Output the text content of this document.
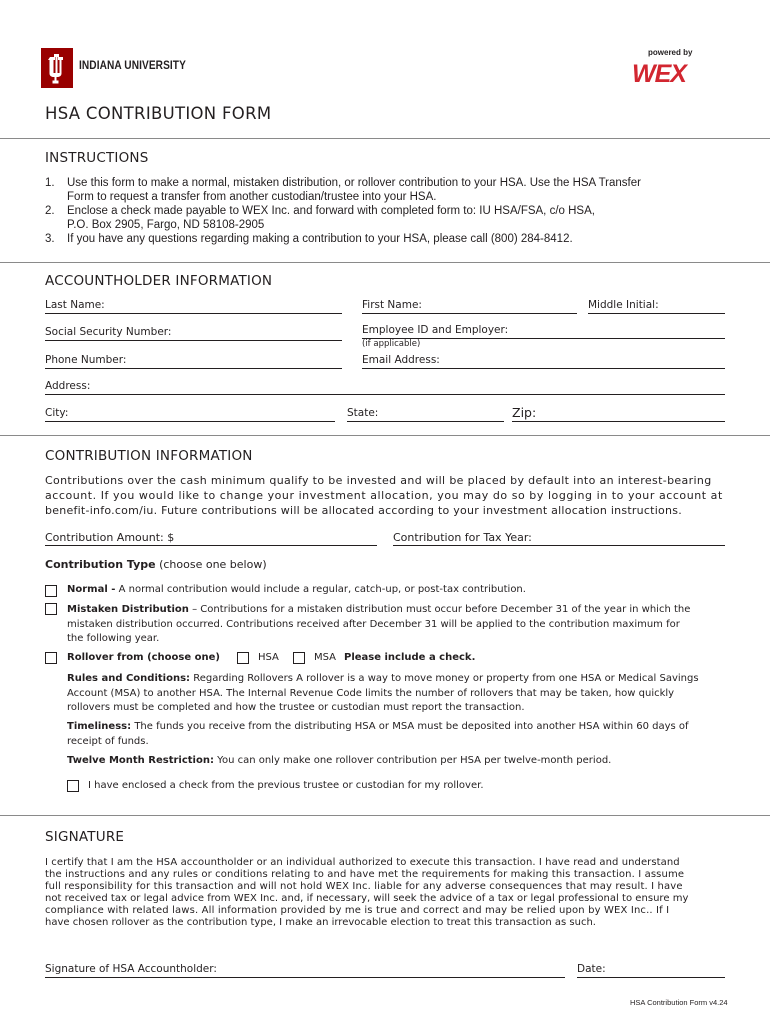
INDIANA UNIVERSITY
powered by
WEX
HSA CONTRIBUTION FORM
INSTRUCTIONS
1. Use this form to make a normal, mistaken distribution, or rollover contribution to your HSA. Use the HSA Transfer
Form to request a transfer from another custodian/trustee into your HSA.
2. Enclose a check made payable to WEX Inc. and forward with completed form to: IU HSA/FSA, c/o HSA,
P.O. Box 2905, Fargo, ND 58108-2905
3. If you have any questions regarding making a contribution to your HSA, please call (800) 284-8412.
ACCOUNTHOLDER INFORMATION
Last Name:	First Name:	Middle Initial:
Social Security Number:	Employee ID and Employer:
(if applicable)
Phone Number:	Email Address:
Address:
City:	State:	Zip:
CONTRIBUTION INFORMATION
Contributions over the cash minimum qualify to be invested and will be placed by default into an interest-bearing
account. If you would like to change your investment allocation, you may do so by logging in to your account at
benefit-info.com/iu. Future contributions will be allocated according to your investment allocation instructions.
Contribution Amount: $	Contribution for Tax Year:
Contribution Type (choose one below)
Normal - A normal contribution would include a regular, catch-up, or post-tax contribution.
Mistaken Distribution – Contributions for a mistaken distribution must occur before December 31 of the year in which the
mistaken distribution occurred. Contributions received after December 31 will be applied to the contribution maximum for
the following year.
Rollover from (choose one)	HSA	MSA Please include a check.
Rules and Conditions: Regarding Rollovers A rollover is a way to move money or property from one HSA or Medical Savings
Account (MSA) to another HSA. The Internal Revenue Code limits the number of rollovers that may be taken, how quickly
rollovers must be completed and how the trustee or custodian must report the transaction.
Timeliness: The funds you receive from the distributing HSA or MSA must be deposited into another HSA within 60 days of
receipt of funds.
Twelve Month Restriction: You can only make one rollover contribution per HSA per twelve-month period.
I have enclosed a check from the previous trustee or custodian for my rollover.
SIGNATURE
I certify that I am the HSA accountholder or an individual authorized to execute this transaction. I have read and understand
the instructions and any rules or conditions relating to and have met the requirements for making this transaction. I assume
full responsibility for this transaction and will not hold WEX Inc. liable for any adverse consequences that may result. I have
not received tax or legal advice from WEX Inc. and, if necessary, will seek the advice of a tax or legal professional to ensure my
compliance with related laws. All information provided by me is true and correct and may be relied upon by WEX Inc.. If I
have chosen rollover as the contribution type, I make an irrevocable election to treat this transaction as such.
Signature of HSA Accountholder:	Date:
HSA Contribution Form v4.24
